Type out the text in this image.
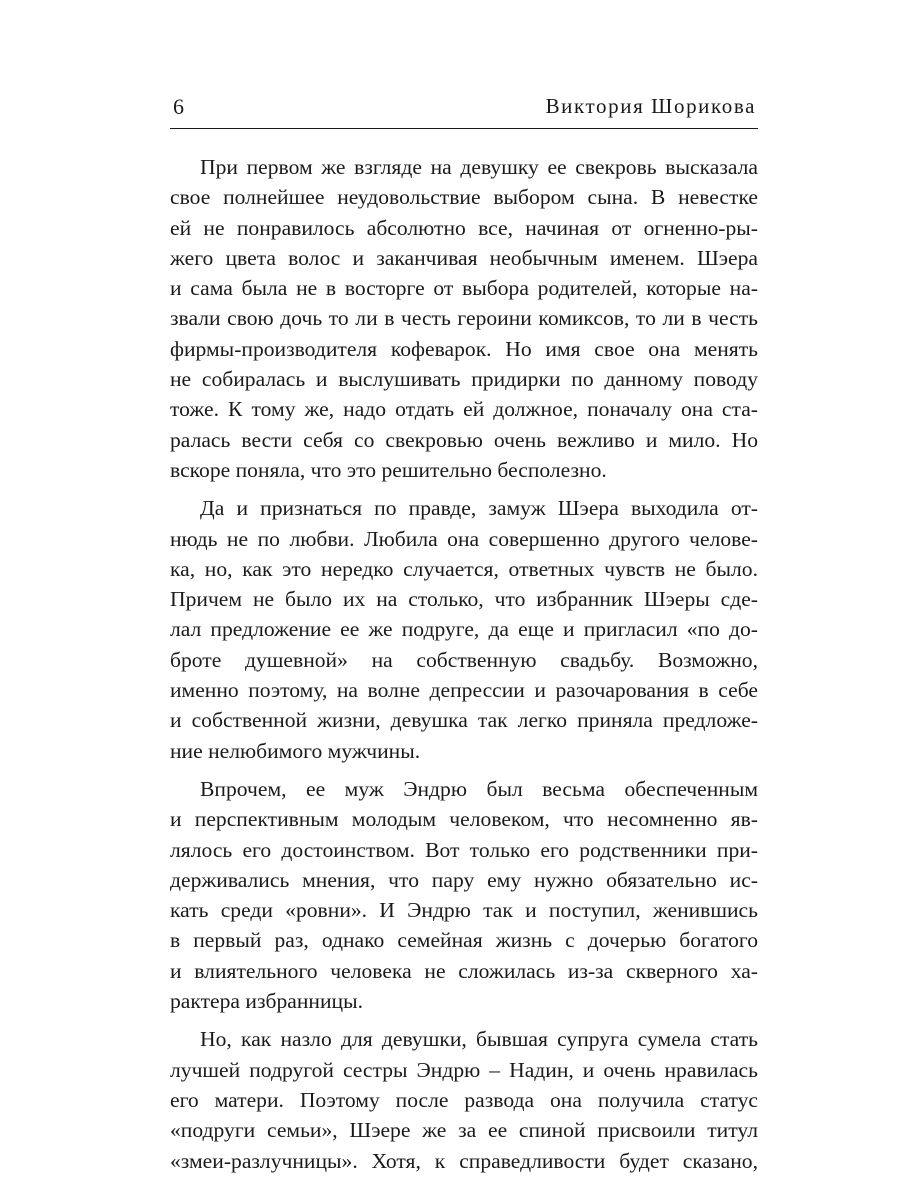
6	Виктория Шорикова
При первом же взгляде на девушку ее свекровь высказала
свое полнейшее неудовольствие выбором сына. В невестке
ей не понравилось абсолютно все, начиная от огненно-ры-
жего цвета волос и заканчивая необычным именем. Шэера
и сама была не в восторге от выбора родителей, которые на-
звали свою дочь то ли в честь героини комиксов, то ли в честь
фирмы-производителя кофеварок. Но имя свое она менять
не собиралась и выслушивать придирки по данному поводу
тоже. К тому же, надо отдать ей должное, поначалу она ста-
ралась вести себя со свекровью очень вежливо и мило. Но
вскоре поняла, что это решительно бесполезно.
Да и признаться по правде, замуж Шэера выходила от-
нюдь не по любви. Любила она совершенно другого челове-
ка, но, как это нередко случается, ответных чувств не было.
Причем не было их на столько, что избранник Шэеры сде-
лал предложение ее же подруге, да еще и пригласил «по до-
броте душевной» на собственную свадьбу. Возможно,
именно поэтому, на волне депрессии и разочарования в себе
и собственной жизни, девушка так легко приняла предложе-
ние нелюбимого мужчины.
Впрочем, ее муж Эндрю был весьма обеспеченным
и перспективным молодым человеком, что несомненно яв-
лялось его достоинством. Вот только его родственники при-
держивались мнения, что пару ему нужно обязательно ис-
кать среди «ровни». И Эндрю так и поступил, женившись
в первый раз, однако семейная жизнь с дочерью богатого
и влиятельного человека не сложилась из-за скверного ха-
рактера избранницы.
Но, как назло для девушки, бывшая супруга сумела стать
лучшей подругой сестры Эндрю – Надин, и очень нравилась
его матери. Поэтому после развода она получила статус
«подруги семьи», Шэере же за ее спиной присвоили титул
«змеи-разлучницы». Хотя, к справедливости будет сказано,
